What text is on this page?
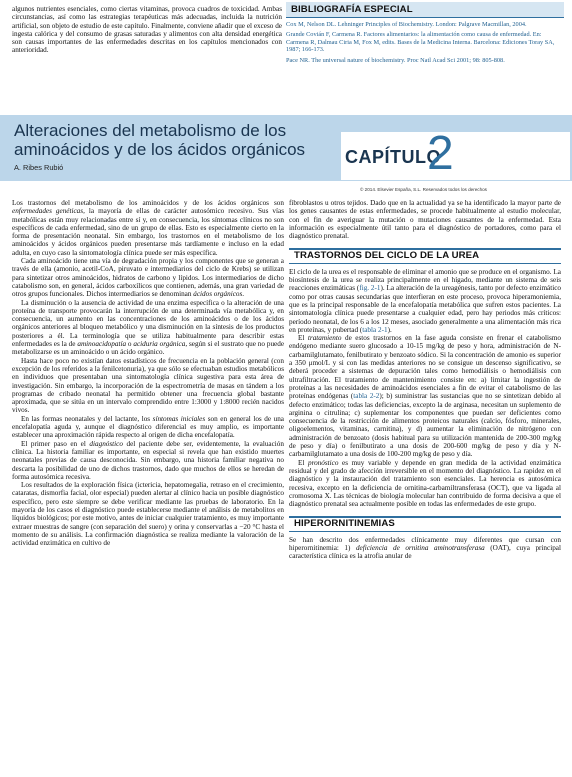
algunos nutrientes esenciales, como ciertas vitaminas, provoca cuadros de toxicidad. Ambas circunstancias, así como las estrategias terapéuticas más adecuadas, incluida la nutrición artificial, son objeto de estudio de este capítulo. Finalmente, conviene añadir que el exceso de ingesta calórica y del consumo de grasas saturadas y alimentos con alta densidad energética son causas importantes de las enfermedades descritas en los capítulos mencionados con anterioridad.

BIBLIOGRAFÍA ESPECIAL
Cox M, Nelson DL. Lehninger Principles of Biochemistry. London: Palgrave Macmillan, 2004.
Grande Covián F, Carmena R. Factores alimentarios: la alimentación como causa de enfermedad. En: Carmena R, Dalmau Ciria M, Fox M, edits. Bases de la Medicina Interna. Barcelona: Ediciones Toray SA, 1987; 166-173.
Pace NR. The universal nature of biochemistry. Proc Natl Acad Sci 2001; 98: 805-808.
Alteraciones del metabolismo de los aminoácidos y de los ácidos orgánicos
A. Ribes Rubió
CAPÍTULO
2
© 2014. Elsevier España, S.L. Reservados todos los derechos

Los trastornos del metabolismo de los aminoácidos y de los ácidos orgánicos son enfermedades genéticas, la mayoría de ellas de carácter autosómico recesivo. Sus vías metabólicas están muy relacionadas entre sí y, en consecuencia, los síntomas clínicos no son específicos de cada enfermedad, sino de un grupo de ellas. Esto es especialmente cierto en la forma de presentación neonatal. Sin embargo, los trastornos en el metabolismo de los aminoácidos y ácidos orgánicos pueden presentarse más tardíamente e incluso en la edad adulta, en cuyo caso la sintomatología clínica puede ser más específica.

Cada aminoácido tiene una vía de degradación propia y los componentes que se generan a través de ella (amonio, acetil-CoA, piruvato e intermediarios del ciclo de Krebs) se utilizan para sintetizar otros aminoácidos, hidratos de carbono y lípidos. Los intermediarios de dicho catabolismo son, en general, ácidos carboxílicos que contienen, además, una gran variedad de otros grupos funcionales. Dichos intermediarios se denominan ácidos orgánicos.

La disminución o la ausencia de actividad de una enzima específica o la alteración de una proteína de transporte provocarán la interrupción de una determinada vía metabólica y, en consecuencia, un aumento en las concentraciones de los aminoácidos o de los ácidos orgánicos anteriores al bloqueo metabólico y una disminución en la síntesis de los productos posteriores a él. La terminología que se utiliza habitualmente para describir estas enfermedades es la de aminoacidopatía o aciduria orgánica, según si el sustrato que no puede metabolizarse es un aminoácido o un ácido orgánico.

Hasta hace poco no existían datos estadísticos de frecuencia en la población general (con excepción de los referidos a la fenilcetonuria), ya que sólo se efectuaban estudios metabólicos en individuos que presentaban una sintomatología clínica sugestiva para esta área de investigación. Sin embargo, la incorporación de la espectrometría de masas en tándem a los programas de cribado neonatal ha permitido obtener una frecuencia global bastante aproximada, que se sitúa en un intervalo comprendido entre 1:3000 y 1:8000 recién nacidos vivos.

En las formas neonatales y del lactante, los síntomas iniciales son en general los de una encefalopatía aguda y, aunque el diagnóstico diferencial es muy amplio, es importante establecer una aproximación rápida respecto al origen de dicha encefalopatía.

El primer paso en el diagnóstico del paciente debe ser, evidentemente, la evaluación clínica. La historia familiar es importante, en especial si revela que han existido muertes neonatales previas de causa desconocida. Sin embargo, una historia familiar negativa no descarta la posibilidad de uno de dichos trastornos, dado que muchos de ellos se heredan de forma autosómica recesiva.

Los resultados de la exploración física (ictericia, hepatomegalia, retraso en el crecimiento, cataratas, dismorfia facial, olor especial) pueden alertar al clínico hacia un posible diagnóstico específico, pero este siempre se debe verificar mediante las pruebas de laboratorio. En la mayoría de los casos el diagnóstico puede establecerse mediante el análisis de metabolitos en líquidos biológicos; por este motivo, antes de iniciar cualquier tratamiento, es muy importante extraer muestras de sangre (con separación del suero) y orina y conservarlas a −20 °C hasta el momento de su análisis. La confirmación diagnóstica se realiza mediante la valoración de la actividad enzimática en cultivo de

fibroblastos u otros tejidos. Dado que en la actualidad ya se ha identificado la mayor parte de los genes causantes de estas enfermedades, se procede habitualmente al estudio molecular, con el fin de averiguar la mutación o mutaciones causantes de la enfermedad. Esta información es especialmente útil tanto para el diagnóstico de portadores, como para el diagnóstico prenatal.

TRASTORNOS DEL CICLO DE LA UREA

El ciclo de la urea es el responsable de eliminar el amonio que se produce en el organismo. La biosíntesis de la urea se realiza principalmente en el hígado, mediante un sistema de seis reacciones enzimáticas (fig. 2-1). La alteración de la ureagénesis, tanto por defecto enzimático como por otras causas secundarias que interfieran en este proceso, provoca hiperamoniemia, que es la principal responsable de la encefalopatía metabólica que sufren estos pacientes. La sintomatología clínica puede presentarse a cualquier edad, pero hay periodos más críticos: período neonatal, de los 6 a los 12 meses, asociado generalmente a una alimentación más rica en proteínas, y pubertad (tabla 2-1).

El tratamiento de estos trastornos en la fase aguda consiste en frenar el catabolismo endógeno mediante suero glucosado a 10-15 mg/kg de peso y hora, administración de N-carbamilglutamato, fenilbutirato y benzoato sódico. Si la concentración de amonio es superior a 350 μmol/L y si con las medidas anteriores no se consigue un descenso significativo, se deberá proceder a sistemas de depuración tales como hemodiálisis o hemodiálisis con ultrafiltración. El tratamiento de mantenimiento consiste en: a) limitar la ingestión de proteínas a las necesidades de aminoácidos esenciales a fin de evitar el catabolismo de las proteínas endógenas (tabla 2-2); b) suministrar las sustancias que no se sintetizan debido al defecto enzimático; todas las deficiencias, excepto la de arginasa, necesitan un suplemento de arginina o citrulina; c) suplementar los componentes que puedan ser deficientes como consecuencia de la restricción de alimentos proteicos naturales (calcio, fósforo, minerales, oligoelementos, vitaminas, carnitina), y d) aumentar la eliminación de nitrógeno con administración de benzoato (dosis habitual para su utilización mantenida de 200-300 mg/kg de peso y día) o fenilbutirato a una dosis de 200-600 mg/kg de peso y día y N-carbamilglutamato a una dosis de 100-200 mg/kg de peso y día.

El pronóstico es muy variable y depende en gran medida de la actividad enzimática residual y del grado de afección irreversible en el momento del diagnóstico. La rapidez en el diagnóstico y la instauración del tratamiento son esenciales. La herencia es autosómica recesiva, excepto en la deficiencia de ornitina-carbamiltransferasa (OCT), que va ligada al cromosoma X. Las técnicas de biología molecular han contribuido de forma decisiva a que el diagnóstico prenatal sea actualmente posible en todas las enfermedades de este grupo.

HIPERORNITINEMIAS

Se han descrito dos enfermedades clínicamente muy diferentes que cursan con hiperornitinemia: 1) deficiencia de ornitina aminotransferasa (OAT), cuya principal característica clínica es la atrofia anular de
